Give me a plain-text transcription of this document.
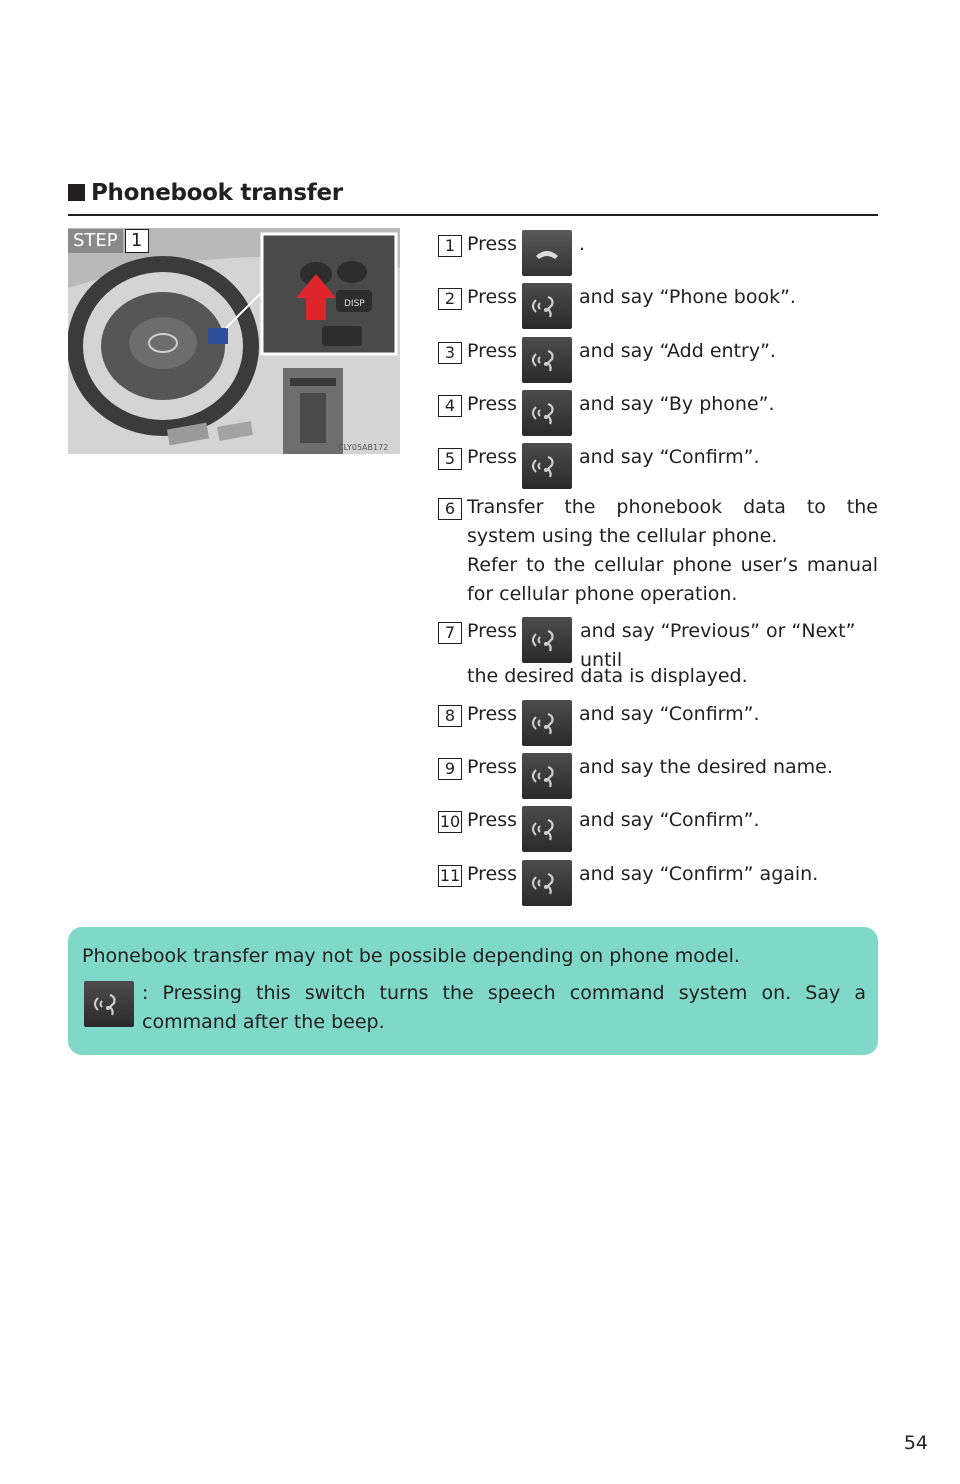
Phonebook transfer
STEP 1
DISP
CLY05AB172
1 Press	.
2 Press	and say “Phone book”.
3 Press	and say “Add entry”.
4 Press	and say “By phone”.
5 Press	and say “Confirm”.
6 Transfer the phonebook data to the system using the cellular phone.
Refer to the cellular phone user’s manual for cellular phone operation.
7 Press	and say “Previous” or “Next” until
the desired data is displayed.
8 Press	and say “Confirm”.
9 Press	and say the desired name.
10 Press	and say “Confirm”.
11 Press	and say “Confirm” again.
Phonebook transfer may not be possible depending on phone model.
: Pressing this switch turns the speech command system on. Say a command after the beep.
54
